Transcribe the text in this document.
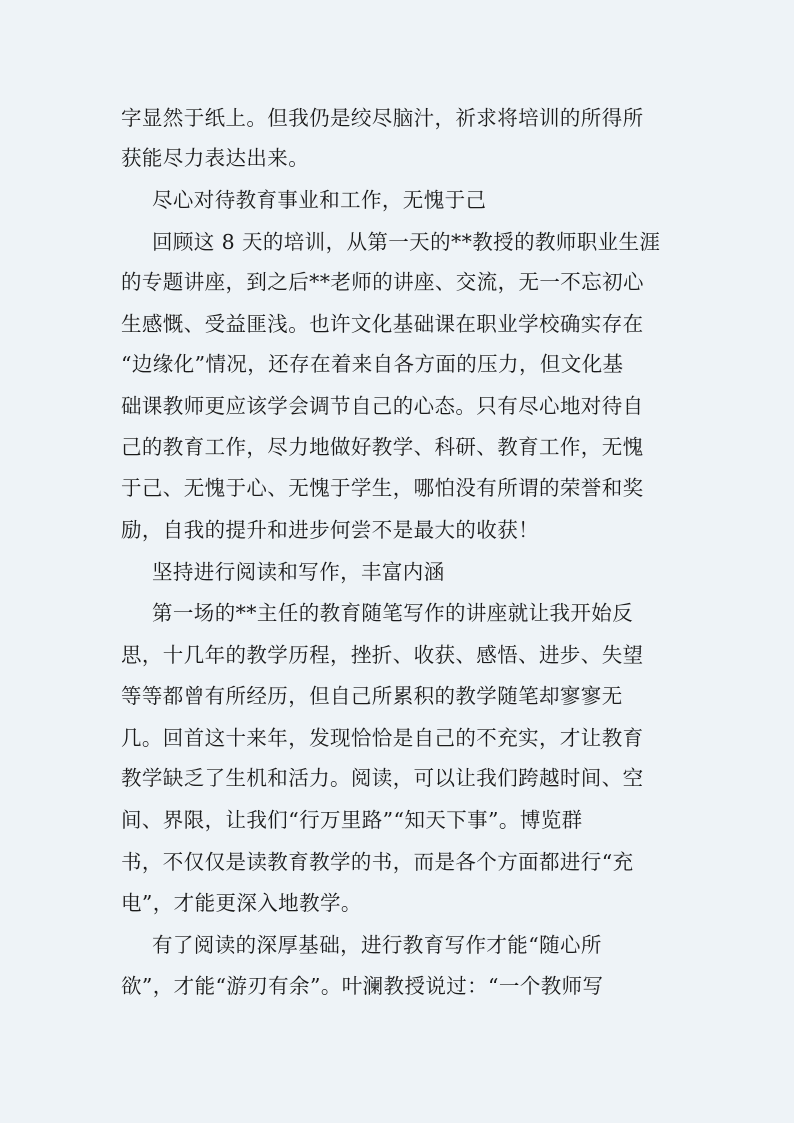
字显然于纸上。但我仍是绞尽脑汁，祈求将培训的所得所
获能尽力表达出来。
尽心对待教育事业和工作，无愧于己
回顾这 8 天的培训，从第一天的**教授的教师职业生涯
的专题讲座，到之后**老师的讲座、交流，无一不忘初心
生感慨、受益匪浅。也许文化基础课在职业学校确实存在
“边缘化”情况，还存在着来自各方面的压力，但文化基
础课教师更应该学会调节自己的心态。只有尽心地对待自
己的教育工作，尽力地做好教学、科研、教育工作，无愧
于己、无愧于心、无愧于学生，哪怕没有所谓的荣誉和奖
励，自我的提升和进步何尝不是最大的收获！
坚持进行阅读和写作，丰富内涵
第一场的**主任的教育随笔写作的讲座就让我开始反
思，十几年的教学历程，挫折、收获、感悟、进步、失望
等等都曾有所经历，但自己所累积的教学随笔却寥寥无
几。回首这十来年，发现恰恰是自己的不充实，才让教育
教学缺乏了生机和活力。阅读，可以让我们跨越时间、空
间、界限，让我们“行万里路”“知天下事”。博览群
书，不仅仅是读教育教学的书，而是各个方面都进行“充
电”，才能更深入地教学。
有了阅读的深厚基础，进行教育写作才能“随心所
欲”，才能“游刃有余”。叶澜教授说过：“一个教师写
